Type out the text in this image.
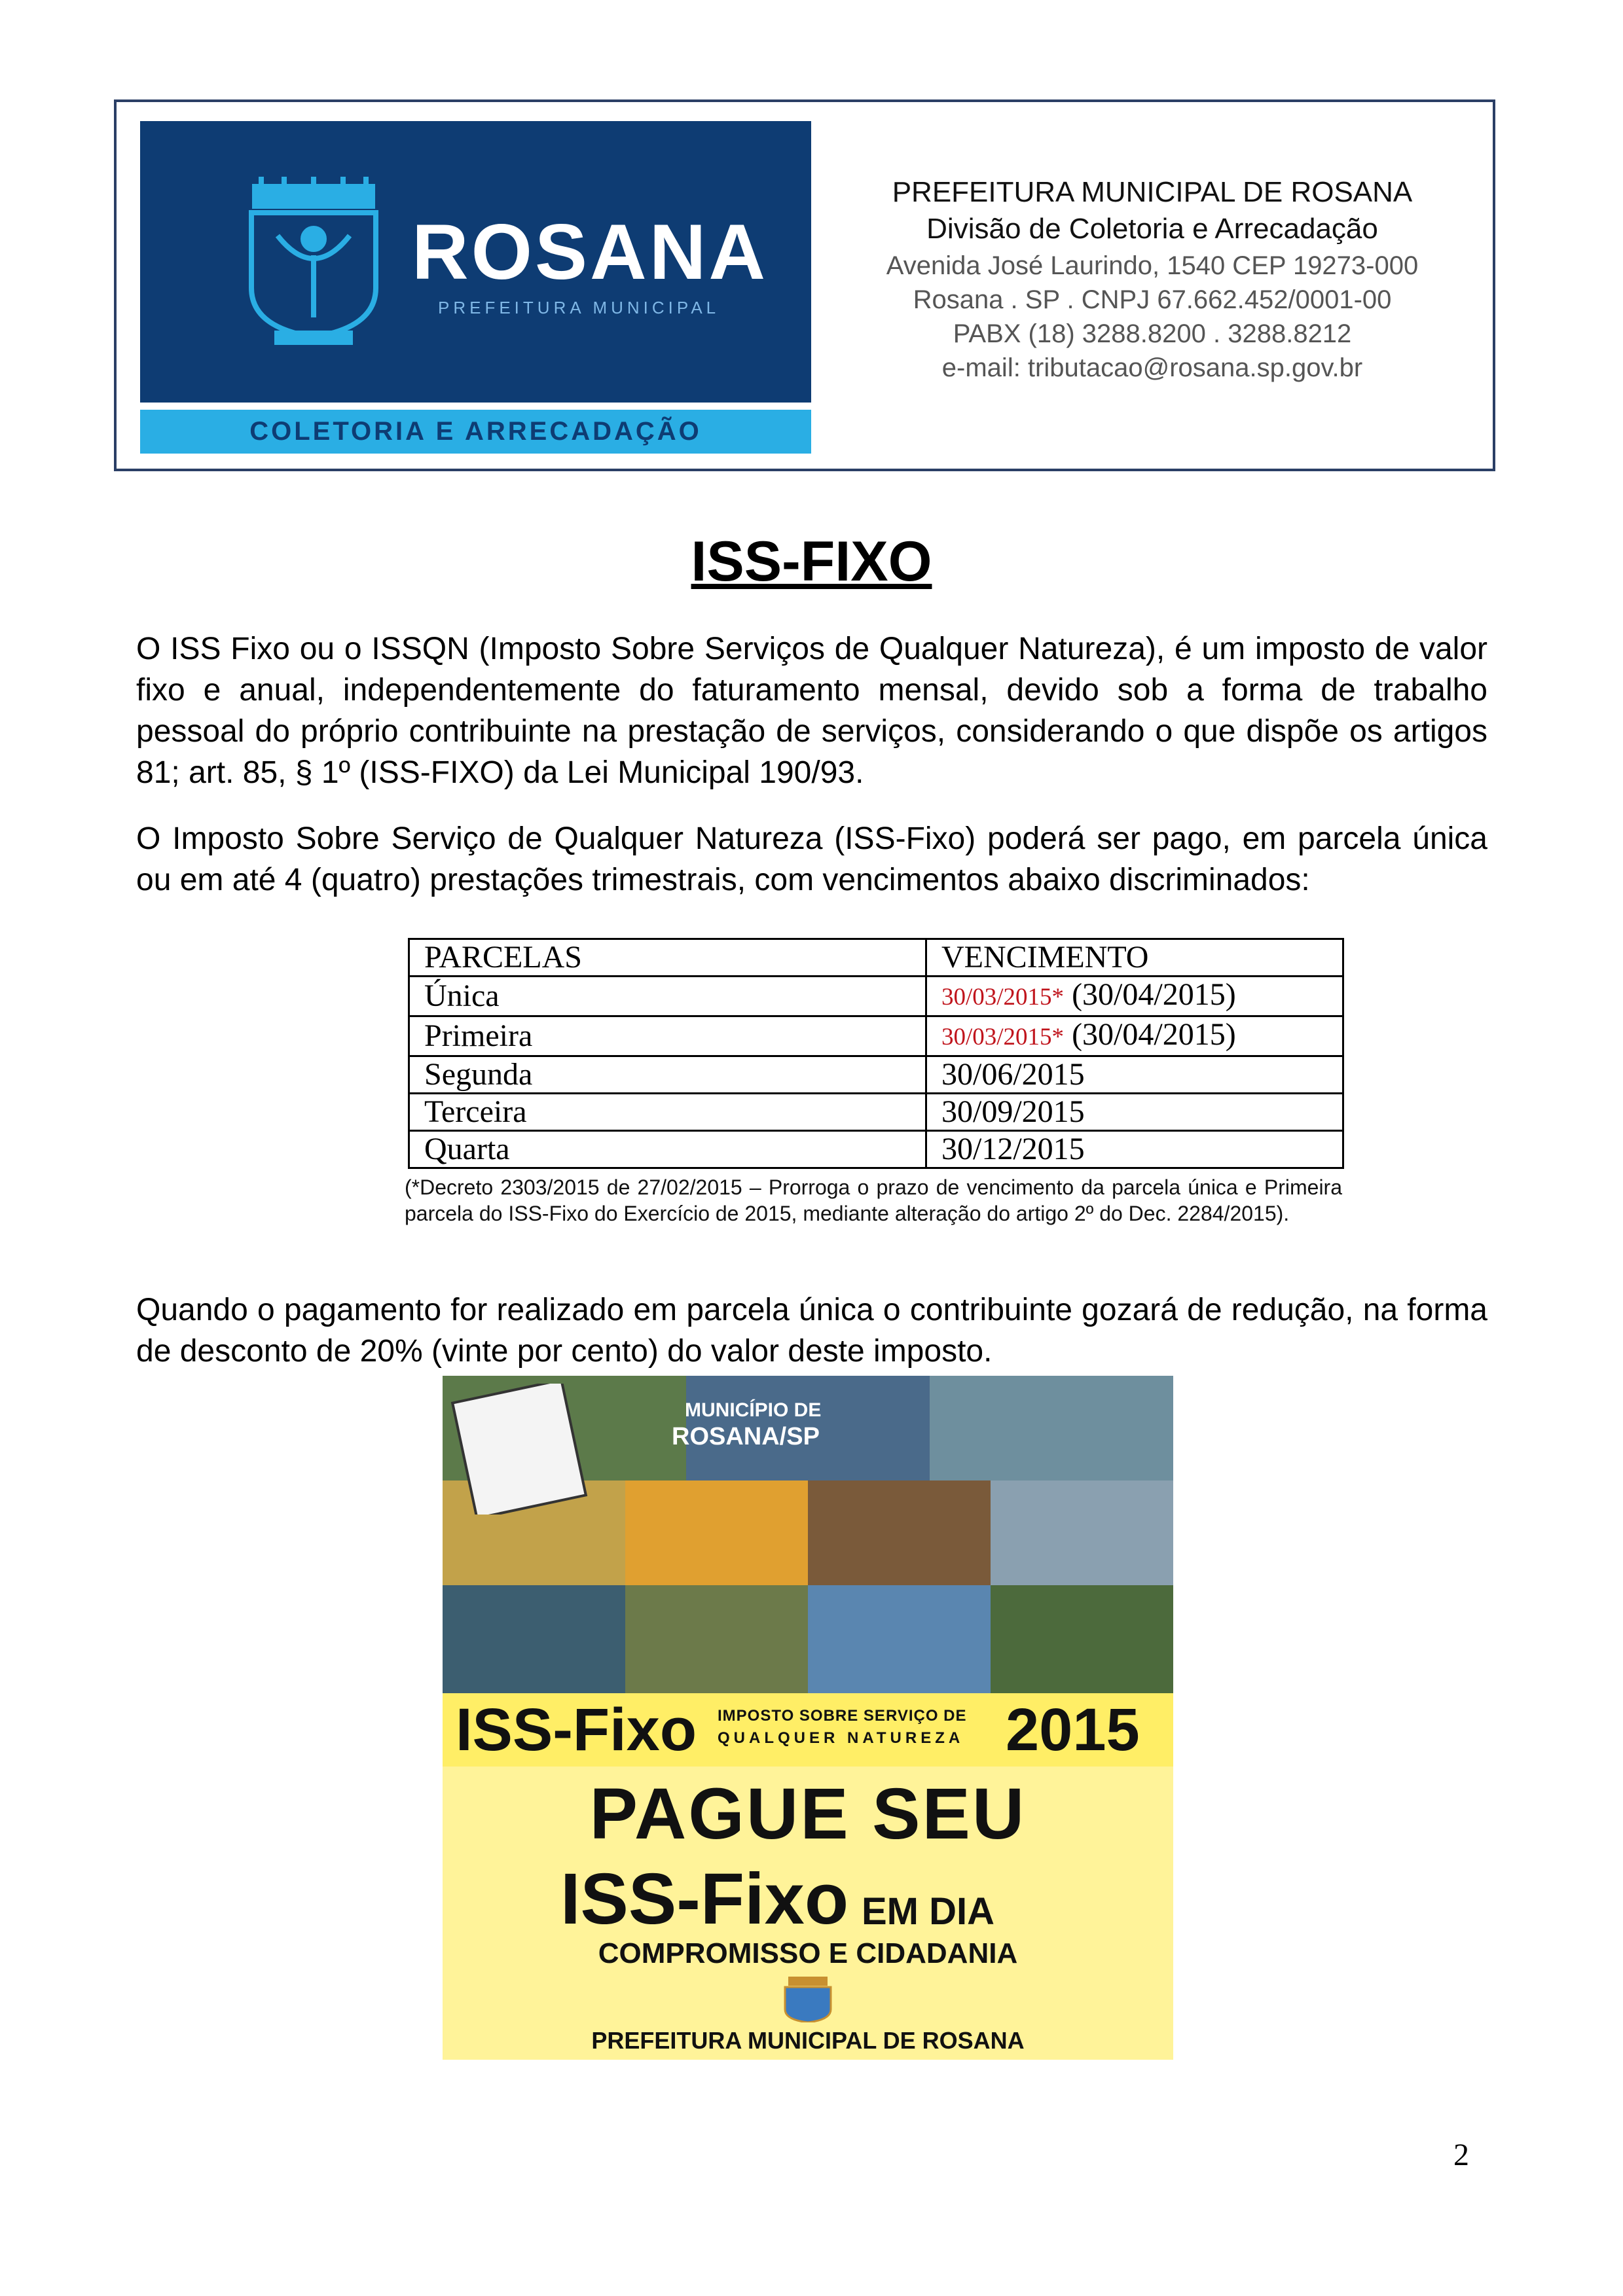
ROSANA
PREFEITURA MUNICIPAL
COLETORIA E ARRECADAÇÃO
PREFEITURA MUNICIPAL DE ROSANA
Divisão de Coletoria e Arrecadação
Avenida José Laurindo, 1540 CEP 19273-000
Rosana . SP . CNPJ 67.662.452/0001-00
PABX (18) 3288.8200 . 3288.8212
e-mail: tributacao@rosana.sp.gov.br
ISS-FIXO
O ISS Fixo ou o ISSQN (Imposto Sobre Serviços de Qualquer Natureza), é um imposto de valor fixo e anual, independentemente do faturamento mensal, devido sob a forma de trabalho pessoal do próprio contribuinte na prestação de serviços, considerando o que dispõe os artigos 81; art. 85, § 1º (ISS-FIXO) da Lei Municipal 190/93.
O Imposto Sobre Serviço de Qualquer Natureza (ISS-Fixo) poderá ser pago, em parcela única ou em até 4 (quatro) prestações trimestrais, com vencimentos abaixo discriminados:
PARCELAS	VENCIMENTO
Única	30/03/2015* (30/04/2015)
Primeira	30/03/2015* (30/04/2015)
Segunda	30/06/2015
Terceira	30/09/2015
Quarta	30/12/2015
(*Decreto 2303/2015 de 27/02/2015 – Prorroga o prazo de vencimento da parcela única e Primeira parcela do ISS-Fixo do Exercício de 2015, mediante alteração do artigo 2º do Dec. 2284/2015).
Quando o pagamento for realizado em parcela única o contribuinte gozará de redução, na forma de desconto de 20% (vinte por cento) do valor deste imposto.
MUNICÍPIO DE
ROSANA/SP
ISS-Fixo IMPOSTO SOBRE SERVIÇO DE
QUALQUER NATUREZA 2015
PAGUE SEU
ISS-Fixo EM DIA
COMPROMISSO E CIDADANIA
PREFEITURA MUNICIPAL DE ROSANA
2
